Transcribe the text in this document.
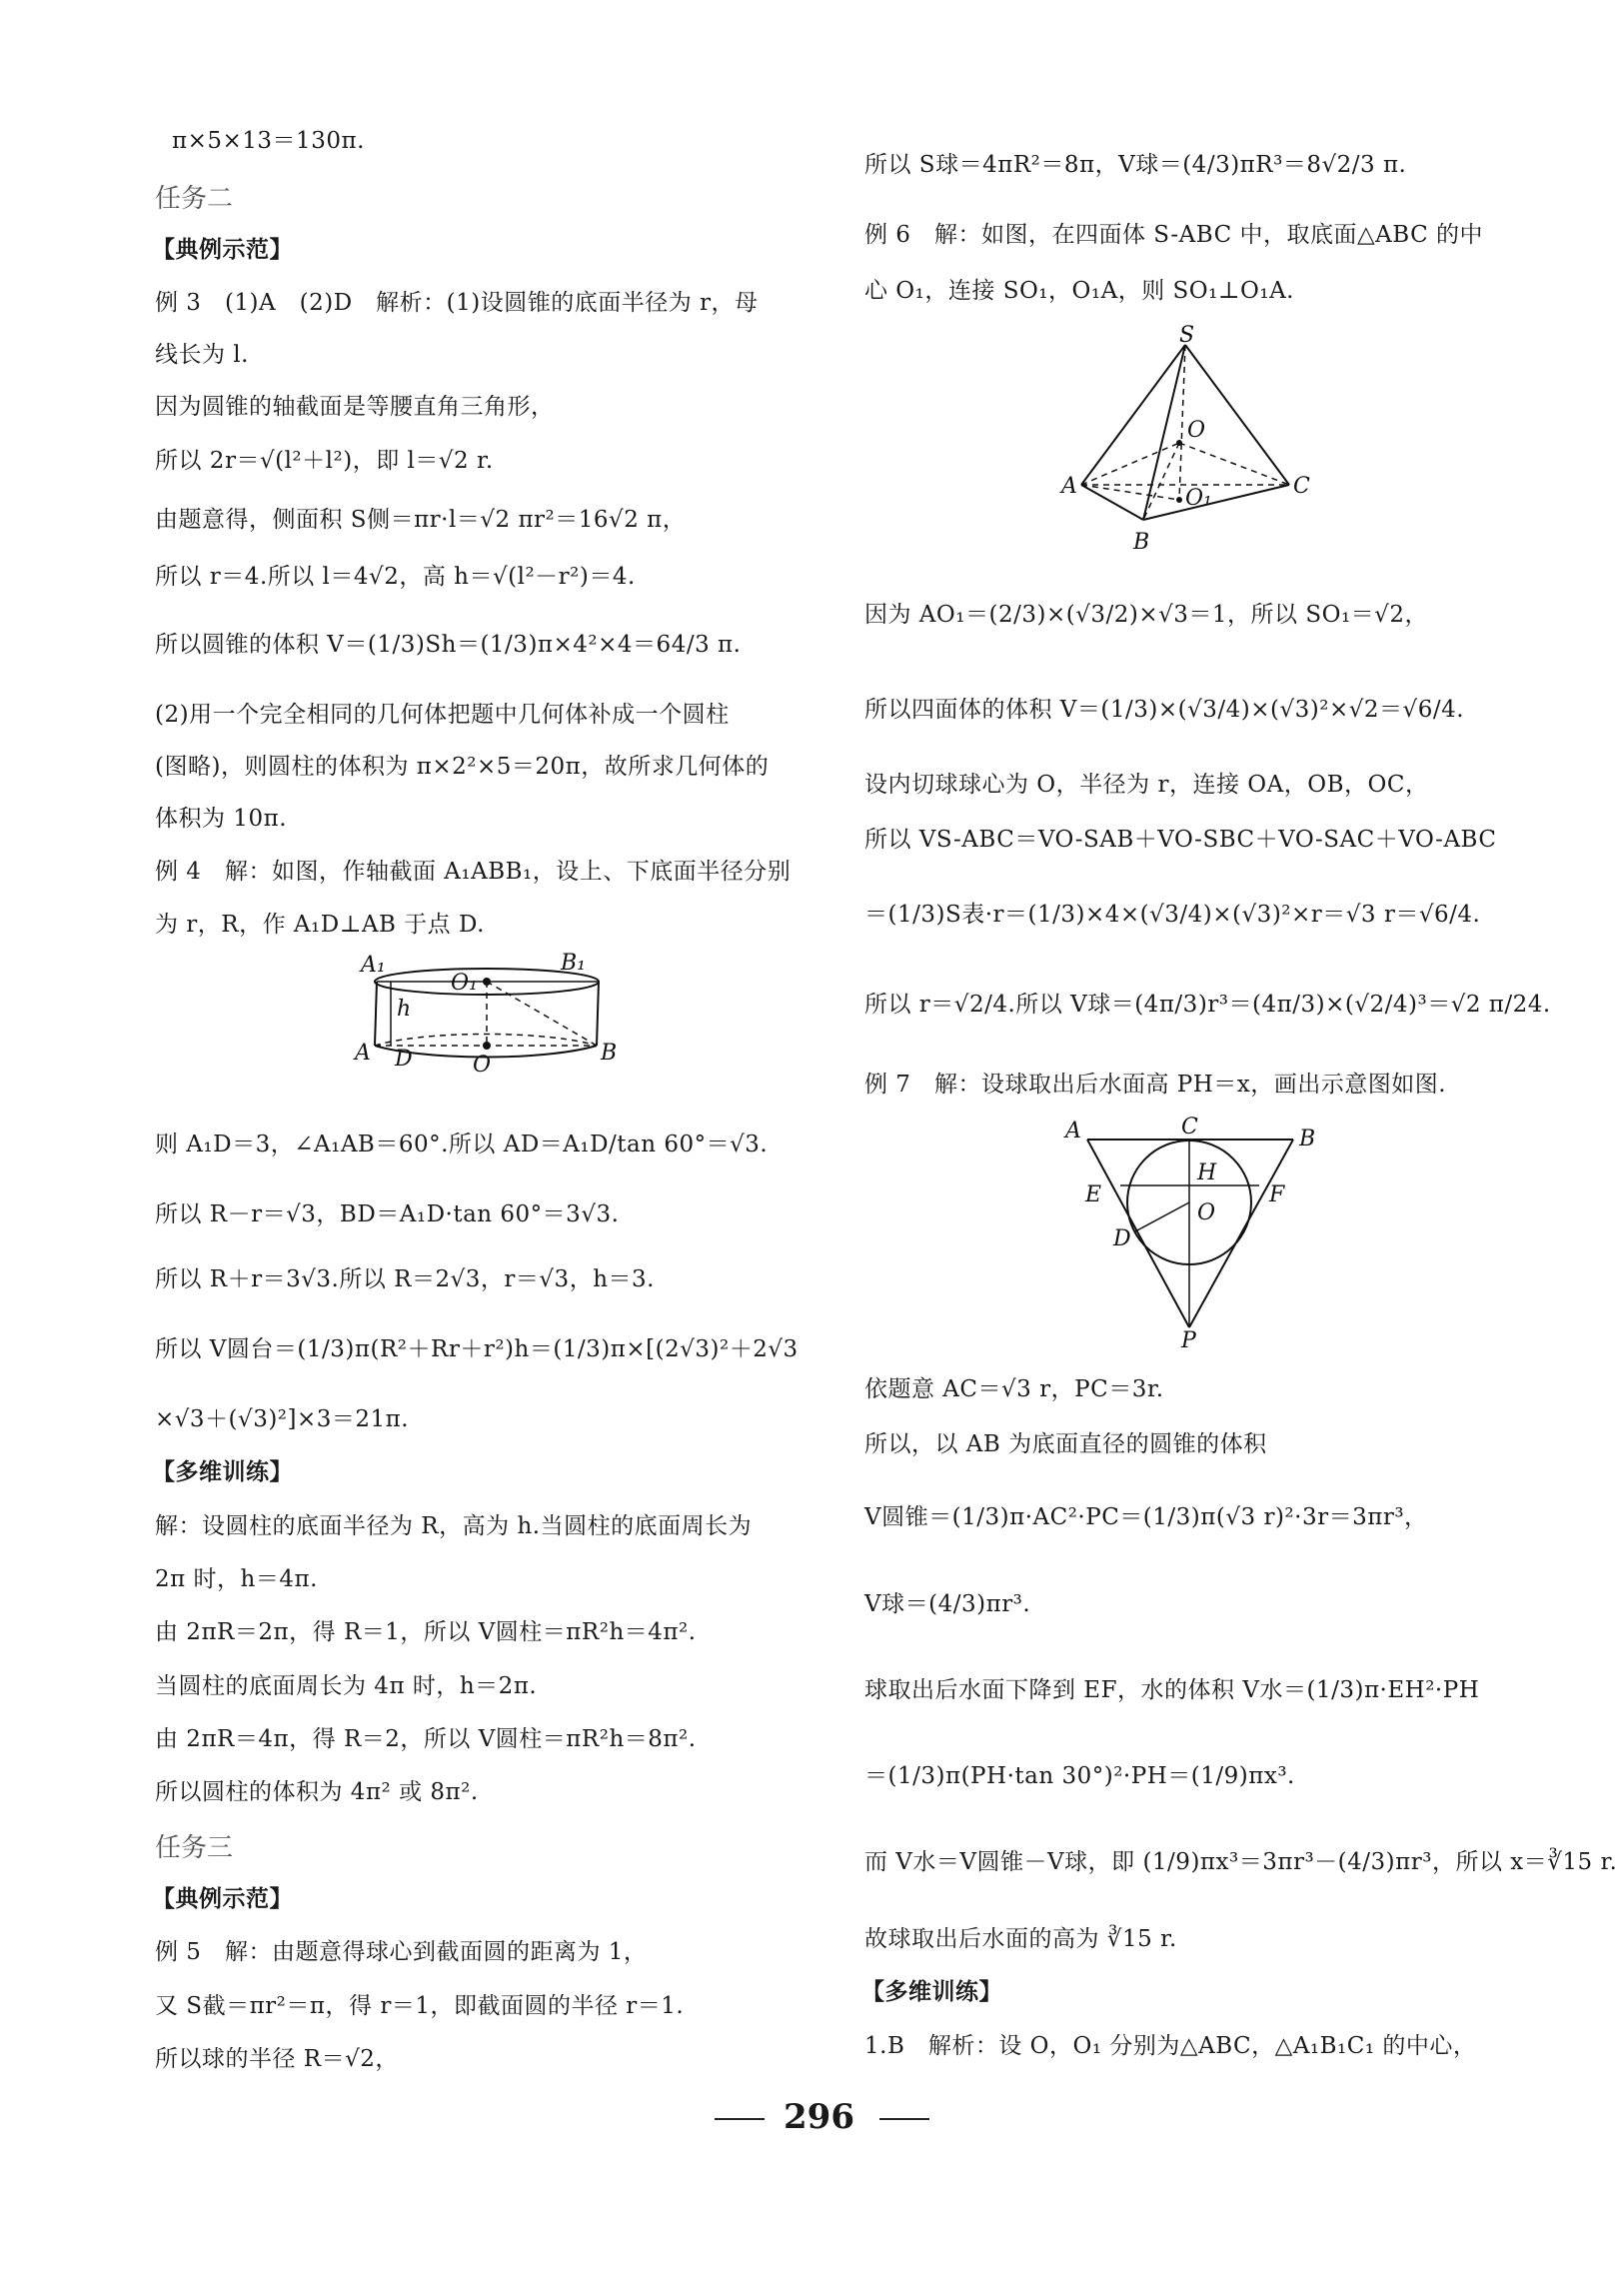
π×5×13＝130π.
任务二
【典例示范】
例 3　(1)A　(2)D　解析：(1)设圆锥的底面半径为 r，母
线长为 l.
因为圆锥的轴截面是等腰直角三角形，
所以 2r＝√(l²＋l²)，即 l＝√2 r.
由题意得，侧面积 S侧＝πr·l＝√2 πr²＝16√2 π，
所以 r＝4.所以 l＝4√2，高 h＝√(l²－r²)＝4.
所以圆锥的体积 V＝(1/3)Sh＝(1/3)π×4²×4＝64/3 π.
(2)用一个完全相同的几何体把题中几何体补成一个圆柱
(图略)，则圆柱的体积为 π×2²×5＝20π，故所求几何体的
体积为 10π.
例 4　解：如图，作轴截面 A₁ABB₁，设上、下底面半径分别
为 r，R，作 A₁D⊥AB 于点 D.
A₁	B₁
O₁
h
A D	O	B
则 A₁D＝3，∠A₁AB＝60°.所以 AD＝A₁D/tan 60°＝√3.
所以 R－r＝√3，BD＝A₁D·tan 60°＝3√3.
所以 R＋r＝3√3.所以 R＝2√3，r＝√3，h＝3.
所以 V圆台＝(1/3)π(R²＋Rr＋r²)h＝(1/3)π×[(2√3)²＋2√3
×√3＋(√3)²]×3＝21π.
【多维训练】
解：设圆柱的底面半径为 R，高为 h.当圆柱的底面周长为
2π 时，h＝4π.
由 2πR＝2π，得 R＝1，所以 V圆柱＝πR²h＝4π².
当圆柱的底面周长为 4π 时，h＝2π.
由 2πR＝4π，得 R＝2，所以 V圆柱＝πR²h＝8π².
所以圆柱的体积为 4π² 或 8π².
任务三
【典例示范】
例 5　解：由题意得球心到截面圆的距离为 1，
又 S截＝πr²＝π，得 r＝1，即截面圆的半径 r＝1.
所以球的半径 R＝√2，
所以 S球＝4πR²＝8π，V球＝(4/3)πR³＝8√2/3 π.
例 6　解：如图，在四面体 S-ABC 中，取底面△ABC 的中
心 O₁，连接 SO₁，O₁A，则 SO₁⊥O₁A.
S
O
A	O₁	C
B
因为 AO₁＝(2/3)×(√3/2)×√3＝1，所以 SO₁＝√2，
所以四面体的体积 V＝(1/3)×(√3/4)×(√3)²×√2＝√6/4.
设内切球球心为 O，半径为 r，连接 OA，OB，OC，
所以 VS-ABC＝VO-SAB＋VO-SBC＋VO-SAC＋VO-ABC
＝(1/3)S表·r＝(1/3)×4×(√3/4)×(√3)²×r＝√3 r＝√6/4.
所以 r＝√2/4.所以 V球＝(4π/3)r³＝(4π/3)×(√2/4)³＝√2 π/24.
例 7　解：设球取出后水面高 PH＝x，画出示意图如图.
A	C	B
H
E	F
O
D
P
依题意 AC＝√3 r，PC＝3r.
所以，以 AB 为底面直径的圆锥的体积
V圆锥＝(1/3)π·AC²·PC＝(1/3)π(√3 r)²·3r＝3πr³，
V球＝(4/3)πr³.
球取出后水面下降到 EF，水的体积 V水＝(1/3)π·EH²·PH
＝(1/3)π(PH·tan 30°)²·PH＝(1/9)πx³.
而 V水＝V圆锥－V球，即 (1/9)πx³＝3πr³－(4/3)πr³，所以 x＝∛15 r.
故球取出后水面的高为 ∛15 r.
【多维训练】
1.B　解析：设 O，O₁ 分别为△ABC，△A₁B₁C₁ 的中心，
296
